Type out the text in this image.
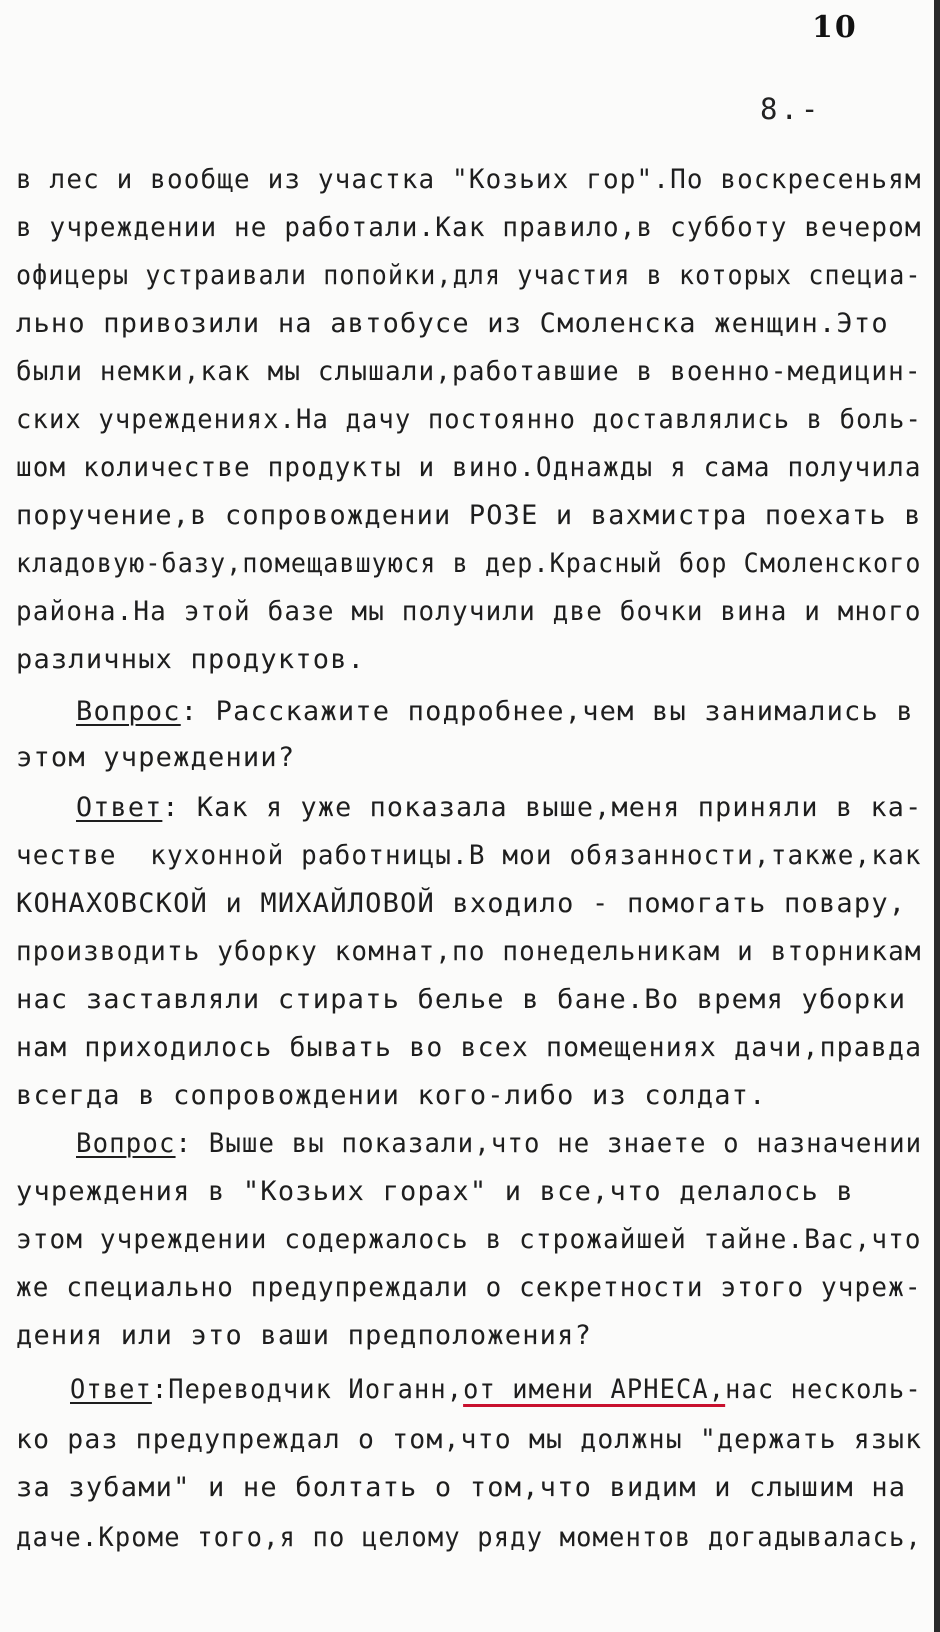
10
8.-
в лес и вообще из участка "Козьих гор".По воскресеньям
в учреждении не работали.Как правило,в субботу вечером
офицеры устраивали попойки,для участия в которых специа-
льно привозили на автобусе из Смоленска женщин.Это
были немки,как мы слышали,работавшие в военно-медицин-
ских учреждениях.На дачу постоянно доставлялись в боль-
шом количестве продукты и вино.Однажды я сама получила
поручение,в сопровождении РОЗЕ и вахмистра поехать в
кладовую-базу,помещавшуюся в дер.Красный бор Смоленского
района.На этой базе мы получили две бочки вина и много
различных продуктов.
Вопрос: Расскажите подробнее,чем вы занимались в
этом учреждении?
Ответ: Как я уже показала выше,меня приняли в ка-
честве  кухонной работницы.В мои обязанности,также,как
КОНАХОВСКОЙ и МИХАЙЛОВОЙ входило - помогать повару,
производить уборку комнат,по понедельникам и вторникам
нас заставляли стирать белье в бане.Во время уборки
нам приходилось бывать во всех помещениях дачи,правда
всегда в сопровождении кого-либо из солдат.
Вопрос: Выше вы показали,что не знаете о назначении
учреждения в "Козьих горах" и все,что делалось в
этом учреждении содержалось в строжайшей тайне.Вас,что
же специально предупреждали о секретности этого учреж-
дения или это ваши предположения?
Ответ:Переводчик Иоганн,от имени АРНЕСА,нас несколь-
ко раз предупреждал о том,что мы должны "держать язык
за зубами" и не болтать о том,что видим и слышим на
даче.Кроме того,я по целому ряду моментов догадывалась,
